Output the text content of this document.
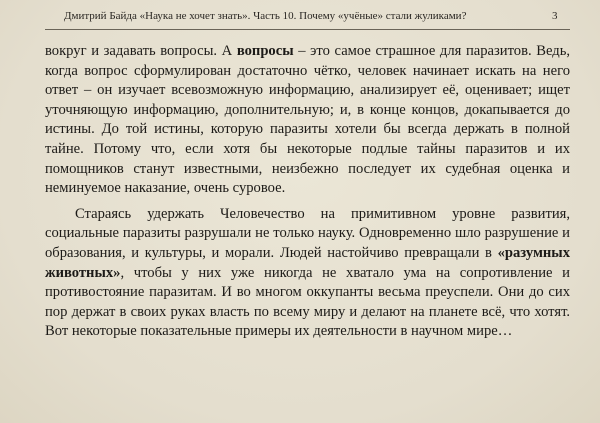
Дмитрий Байда «Наука не хочет знать». Часть 10. Почему «учёные» стали жуликами?	3

вокруг и задавать вопросы. А вопросы – это самое страшное для паразитов. Ведь, когда вопрос сформулирован достаточно чётко, человек начинает искать на него ответ – он изучает всевозможную информацию, анализирует её, оценивает; ищет уточняющую информацию, дополнительную; и, в конце концов, докапывается до истины. До той истины, которую паразиты хотели бы всегда держать в полной тайне. Потому что, если хотя бы некоторые подлые тайны паразитов и их помощников станут известными, неизбежно последует их судебная оценка и неминуемое наказание, очень суровое.

Стараясь удержать Человечество на примитивном уровне развития, социальные паразиты разрушали не только науку. Одновременно шло разрушение и образования, и культуры, и морали. Людей настойчиво превращали в «разумных животных», чтобы у них уже никогда не хватало ума на сопротивление и противостояние паразитам. И во многом оккупанты весьма преуспели. Они до сих пор держат в своих руках власть по всему миру и делают на планете всё, что хотят. Вот некоторые показательные примеры их деятельности в научном мире…
